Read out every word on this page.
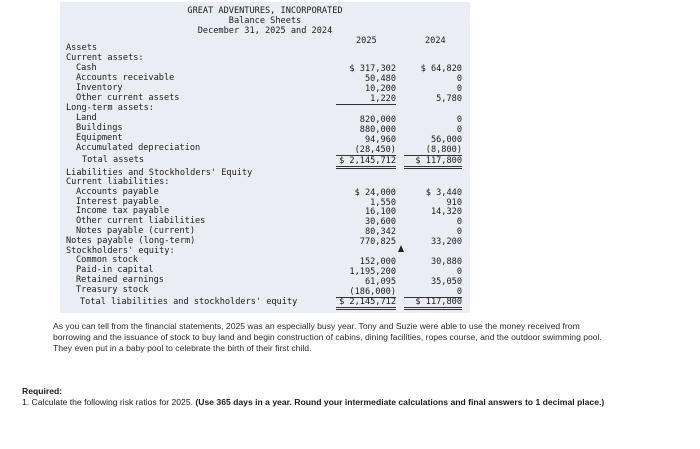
GREAT ADVENTURES, INCORPORATED
Balance Sheets
December 31, 2025 and 2024
2025	2024
Assets
Current assets:
Cash	$ 317,302	$ 64,820
Accounts receivable	50,480	0
Inventory	10,200	0
Other current assets	1,220	5,780
Long-term assets:
Land	820,000	0
Buildings	880,000	0
Equipment	94,960	56,000
Accumulated depreciation	(28,450)	(8,800)
Total assets	$ 2,145,712	$ 117,800
Liabilities and Stockholders' Equity
Current liabilities:
Accounts payable	$ 24,000	$ 3,440
Interest payable	1,550	910
Income tax payable	16,100	14,320
Other current liabilities	30,600	0
Notes payable (current)	80,342	0
Notes payable (long-term)	770,825	33,200
Stockholders' equity:
Common stock	152,000	30,880
Paid-in capital	1,195,200	0
Retained earnings	61,095	35,050
Treasury stock	(186,000)	0
Total liabilities and stockholders' equity	$ 2,145,712	$ 117,800
As you can tell from the financial statements, 2025 was an especially busy year. Tony and Suzie were able to use the money received from borrowing and the issuance of stock to buy land and begin construction of cabins, dining facilities, ropes course, and the outdoor swimming pool. They even put in a baby pool to celebrate the birth of their first child.
Required:
1. Calculate the following risk ratios for 2025. (Use 365 days in a year. Round your intermediate calculations and final answers to 1 decimal place.)
